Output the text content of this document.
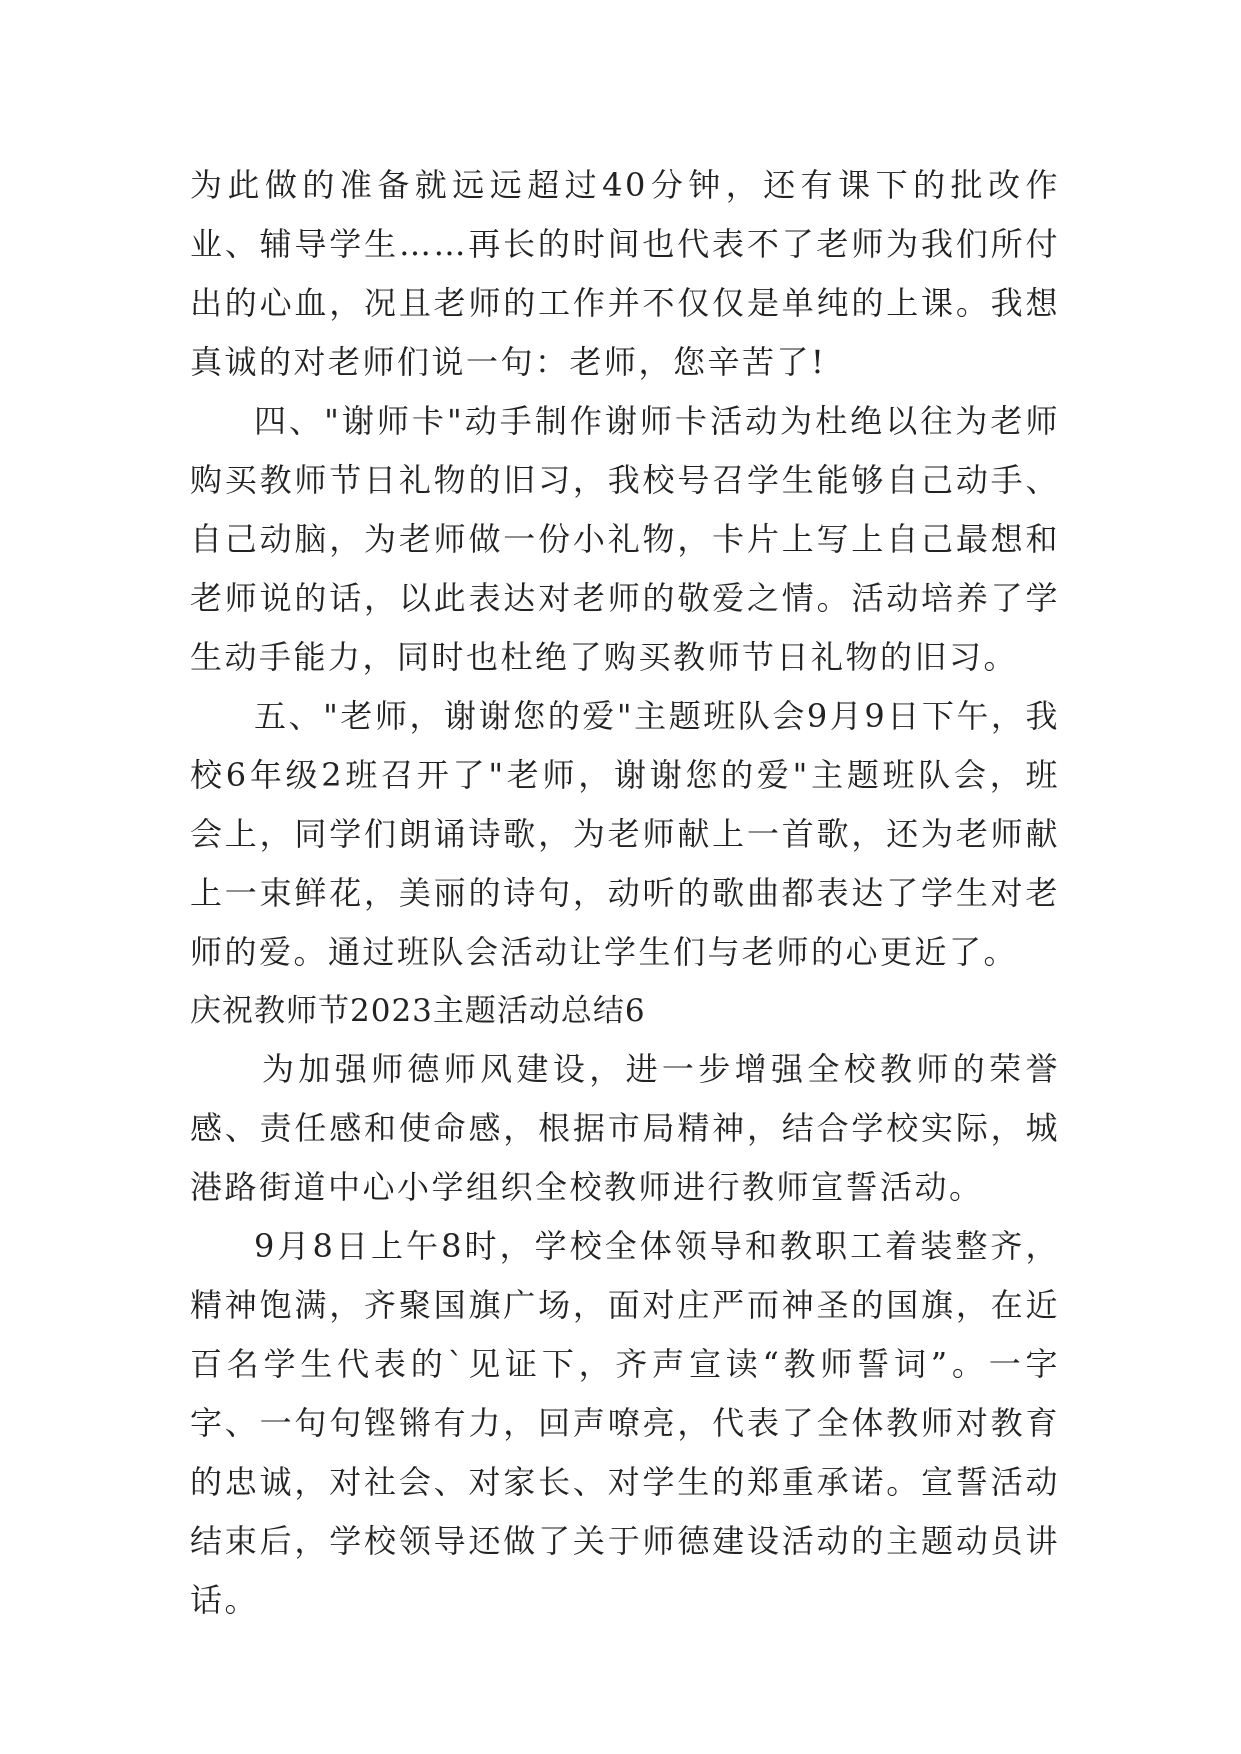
为此做的准备就远远超过40分钟，还有课下的批改作业、辅导学生……再长的时间也代表不了老师为我们所付出的心血，况且老师的工作并不仅仅是单纯的上课。我想真诚的对老师们说一句：老师，您辛苦了!

四、"谢师卡"动手制作谢师卡活动为杜绝以往为老师购买教师节日礼物的旧习，我校号召学生能够自己动手、自己动脑，为老师做一份小礼物，卡片上写上自己最想和老师说的话，以此表达对老师的敬爱之情。活动培养了学生动手能力，同时也杜绝了购买教师节日礼物的旧习。

五、"老师，谢谢您的爱"主题班队会9月9日下午，我校6年级2班召开了"老师，谢谢您的爱"主题班队会，班会上，同学们朗诵诗歌，为老师献上一首歌，还为老师献上一束鲜花，美丽的诗句，动听的歌曲都表达了学生对老师的爱。通过班队会活动让学生们与老师的心更近了。

庆祝教师节2023主题活动总结6

为加强师德师风建设，进一步增强全校教师的荣誉感、责任感和使命感，根据市局精神，结合学校实际，城港路街道中心小学组织全校教师进行教师宣誓活动。

9月8日上午8时，学校全体领导和教职工着装整齐，精神饱满，齐聚国旗广场，面对庄严而神圣的国旗，在近百名学生代表的`见证下，齐声宣读“教师誓词”。一字字、一句句铿锵有力，回声嘹亮，代表了全体教师对教育的忠诚，对社会、对家长、对学生的郑重承诺。宣誓活动结束后，学校领导还做了关于师德建设活动的主题动员讲话。
